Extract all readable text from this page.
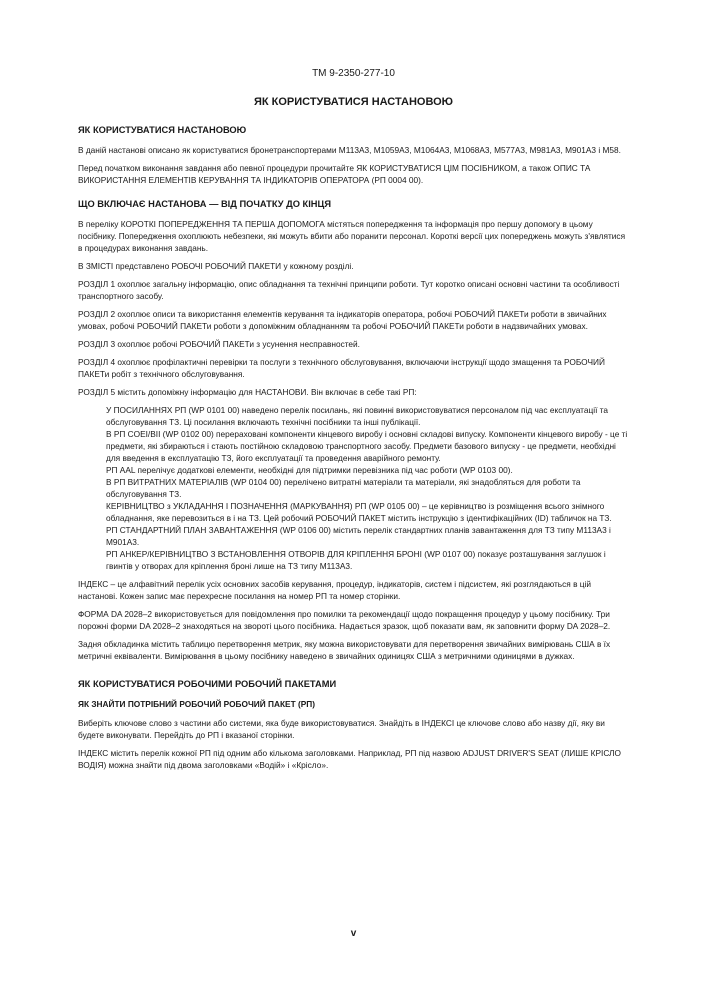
ТМ 9-2350-277-10
ЯК КОРИСТУВАТИСЯ НАСТАНОВОЮ
ЯК КОРИСТУВАТИСЯ НАСТАНОВОЮ

В даній настанові описано як користуватися бронетранспортерами M113A3, M1059A3, M1064A3, M1068A3, M577A3, M981A3, M901A3 і M58.

Перед початком виконання завдання або певної процедури прочитайте ЯК КОРИСТУВАТИСЯ ЦІМ ПОСІБНИКОМ, а також ОПИС ТА ВИКОРИСТАННЯ ЕЛЕМЕНТІВ КЕРУВАННЯ ТА ІНДИКАТОРІВ ОПЕРАТОРА (РП 0004 00).

ЩО ВКЛЮЧАЄ НАСТАНОВА — ВІД ПОЧАТКУ ДО КІНЦЯ

В переліку КОРОТКІ ПОПЕРЕДЖЕННЯ ТА ПЕРША ДОПОМОГА містяться попередження та інформація про першу допомогу в цьому посібнику. Попередження охоплюють небезпеки, які можуть вбити або поранити персонал. Короткі версії цих попереджень можуть з'являтися в процедурах виконання завдань.

В ЗМІСТІ представлено РОБОЧІ РОБОЧИЙ ПАКЕТИ у кожному розділі.

РОЗДІЛ 1 охоплює загальну інформацію, опис обладнання та технічні принципи роботи. Тут коротко описані основні частини та особливості транспортного засобу.

РОЗДІЛ 2 охоплює описи та використання елементів керування та індикаторів оператора, робочі РОБОЧИЙ ПАКЕТи роботи в звичайних умовах, робочі РОБОЧИЙ ПАКЕТи роботи з допоміжним обладнанням та робочі РОБОЧИЙ ПАКЕТи роботи в надзвичайних умовах.

РОЗДІЛ 3 охоплює робочі РОБОЧИЙ ПАКЕТи з усунення несправностей.

РОЗДІЛ 4 охоплює профілактичні перевірки та послуги з технічного обслуговування, включаючи інструкції щодо змащення та РОБОЧИЙ ПАКЕТи робіт з технічного обслуговування.

РОЗДІЛ 5 містить допоміжну інформацію для НАСТАНОВИ. Він включає в себе такі РП:

У ПОСИЛАННЯХ РП (WP 0101 00) наведено перелік посилань, які повинні використовуватися персоналом під час експлуатації та обслуговування ТЗ. Ці посилання включають технічні посібники та інші публікації.

В РП COEI/BII (WP 0102 00) перераховані компоненти кінцевого виробу і основні складові випуску. Компоненти кінцевого виробу - це ті предмети, які збираються і стають постійною складовою транспортного засобу. Предмети базового випуску - це предмети, необхідні для введення в експлуатацію ТЗ, його експлуатації та проведення аварійного ремонту.

РП AAL перелічує додаткові елементи, необхідні для підтримки перевізника під час роботи (WP 0103 00).

В РП ВИТРАТНИХ МАТЕРІАЛІВ (WP 0104 00) перелічено витратні матеріали та матеріали, які знадобляться для роботи та обслуговування ТЗ.

КЕРІВНИЦТВО з УКЛАДАННЯ І ПОЗНАЧЕННЯ (МАРКУВАННЯ) РП (WP 0105 00) – це керівництво із розміщення всього знімного обладнання, яке перевозиться в і на ТЗ. Цей робочий РОБОЧИЙ ПАКЕТ містить інструкцію з ідентифікаційних (ID) табличок на ТЗ.

РП СТАНДАРТНИЙ ПЛАН ЗАВАНТАЖЕННЯ (WP 0106 00) містить перелік стандартних планів завантаження для ТЗ типу M113A3 і M901A3.

РП АНКЕР/КЕРІВНИЦТВО З ВСТАНОВЛЕННЯ ОТВОРІВ ДЛЯ КРІПЛЕННЯ БРОНІ (WP 0107 00) показує розташування заглушок і гвинтів у отворах для кріплення броні лише на ТЗ типу M113A3.

ІНДЕКС – це алфавітний перелік усіх основних засобів керування, процедур, індикаторів, систем і підсистем, які розглядаються в цій настанові. Кожен запис має перехресне посилання на номер РП та номер сторінки.

ФОРМА DA 2028–2 використовується для повідомлення про помилки та рекомендації щодо покращення процедур у цьому посібнику. Три порожні форми DA 2028–2 знаходяться на звороті цього посібника. Надається зразок, щоб показати вам, як заповнити форму DA 2028–2.

Задня обкладинка містить таблицю перетворення метрик, яку можна використовувати для перетворення звичайних вимірювань США в їх метричні еквіваленти. Вимірювання в цьому посібнику наведено в звичайних одиницях США з метричними одиницями в дужках.

ЯК КОРИСТУВАТИСЯ РОБОЧИМИ РОБОЧИЙ ПАКЕТАМИ
ЯК ЗНАЙТИ ПОТРІБНИЙ РОБОЧИЙ РОБОЧИЙ ПАКЕТ (РП)

Виберіть ключове слово з частини або системи, яка буде використовуватися. Знайдіть в ІНДЕКСІ це ключове слово або назву дії, яку ви будете виконувати. Перейдіть до РП і вказаної сторінки.

ІНДЕКС містить перелік кожної РП під одним або кількома заголовками. Наприклад, РП під назвою ADJUST DRIVER'S SEAT (ЛИШЕ КРІСЛО ВОДІЯ) можна знайти під двома заголовками «Водій» і «Крісло».

v
